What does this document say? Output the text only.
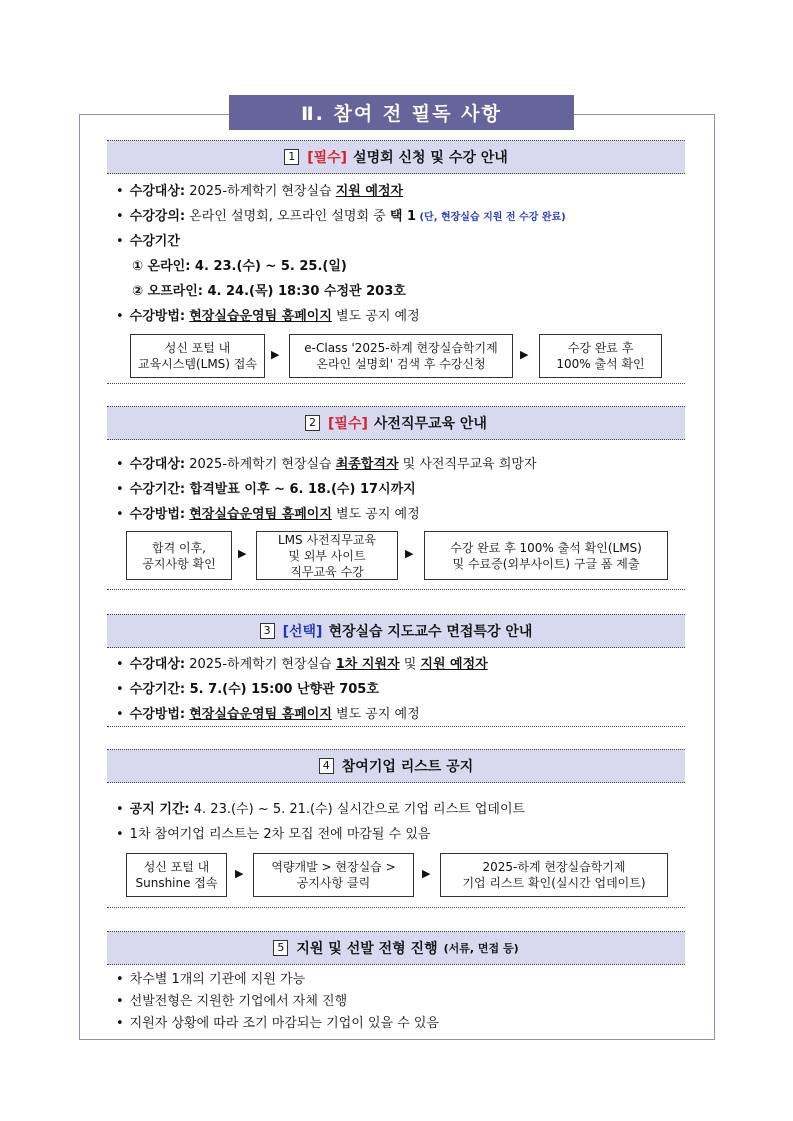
Ⅱ. 참여 전 필독 사항
1 [필수] 설명회 신청 및 수강 안내
• 수강대상: 2025-하계학기 현장실습 지원 예정자
• 수강강의: 온라인 설명회, 오프라인 설명회 중 택 1 (단, 현장실습 지원 전 수강 완료)
• 수강기간
① 온라인: 4. 23.(수) ~ 5. 25.(일)
② 오프라인: 4. 24.(목) 18:30 수정관 203호
• 수강방법: 현장실습운영팀 홈페이지 별도 공지 예정
성신 포털 내
교육시스템(LMS) 접속
▶	e-Class '2025-하계 현장실습학기제
온라인 설명회' 검색 후 수강신청
▶	수강 완료 후
100% 출석 확인
2 [필수] 사전직무교육 안내
• 수강대상: 2025-하계학기 현장실습 최종합격자 및 사전직무교육 희망자
• 수강기간: 합격발표 이후 ~ 6. 18.(수) 17시까지
• 수강방법: 현장실습운영팀 홈페이지 별도 공지 예정
합격 이후,
공지사항 확인
▶
LMS 사전직무교육
및 외부 사이트
직무교육 수강
▶	수강 완료 후 100% 출석 확인(LMS)
및 수료증(외부사이트) 구글 폼 제출
3 [선택] 현장실습 지도교수 면접특강 안내
• 수강대상: 2025-하계학기 현장실습 1차 지원자 및 지원 예정자
• 수강기간: 5. 7.(수) 15:00 난향관 705호
• 수강방법: 현장실습운영팀 홈페이지 별도 공지 예정
4 참여기업 리스트 공지
• 공지 기간: 4. 23.(수) ~ 5. 21.(수) 실시간으로 기업 리스트 업데이트
• 1차 참여기업 리스트는 2차 모집 전에 마감될 수 있음
성신 포털 내
Sunshine 접속
▶	역량개발 > 현장실습 >
공지사항 클릭
▶	2025-하계 현장실습학기제
기업 리스트 확인(실시간 업데이트)
5 지원 및 선발 전형 진행 (서류, 면접 등)
• 차수별 1개의 기관에 지원 가능
• 선발전형은 지원한 기업에서 자체 진행
• 지원자 상황에 따라 조기 마감되는 기업이 있을 수 있음
